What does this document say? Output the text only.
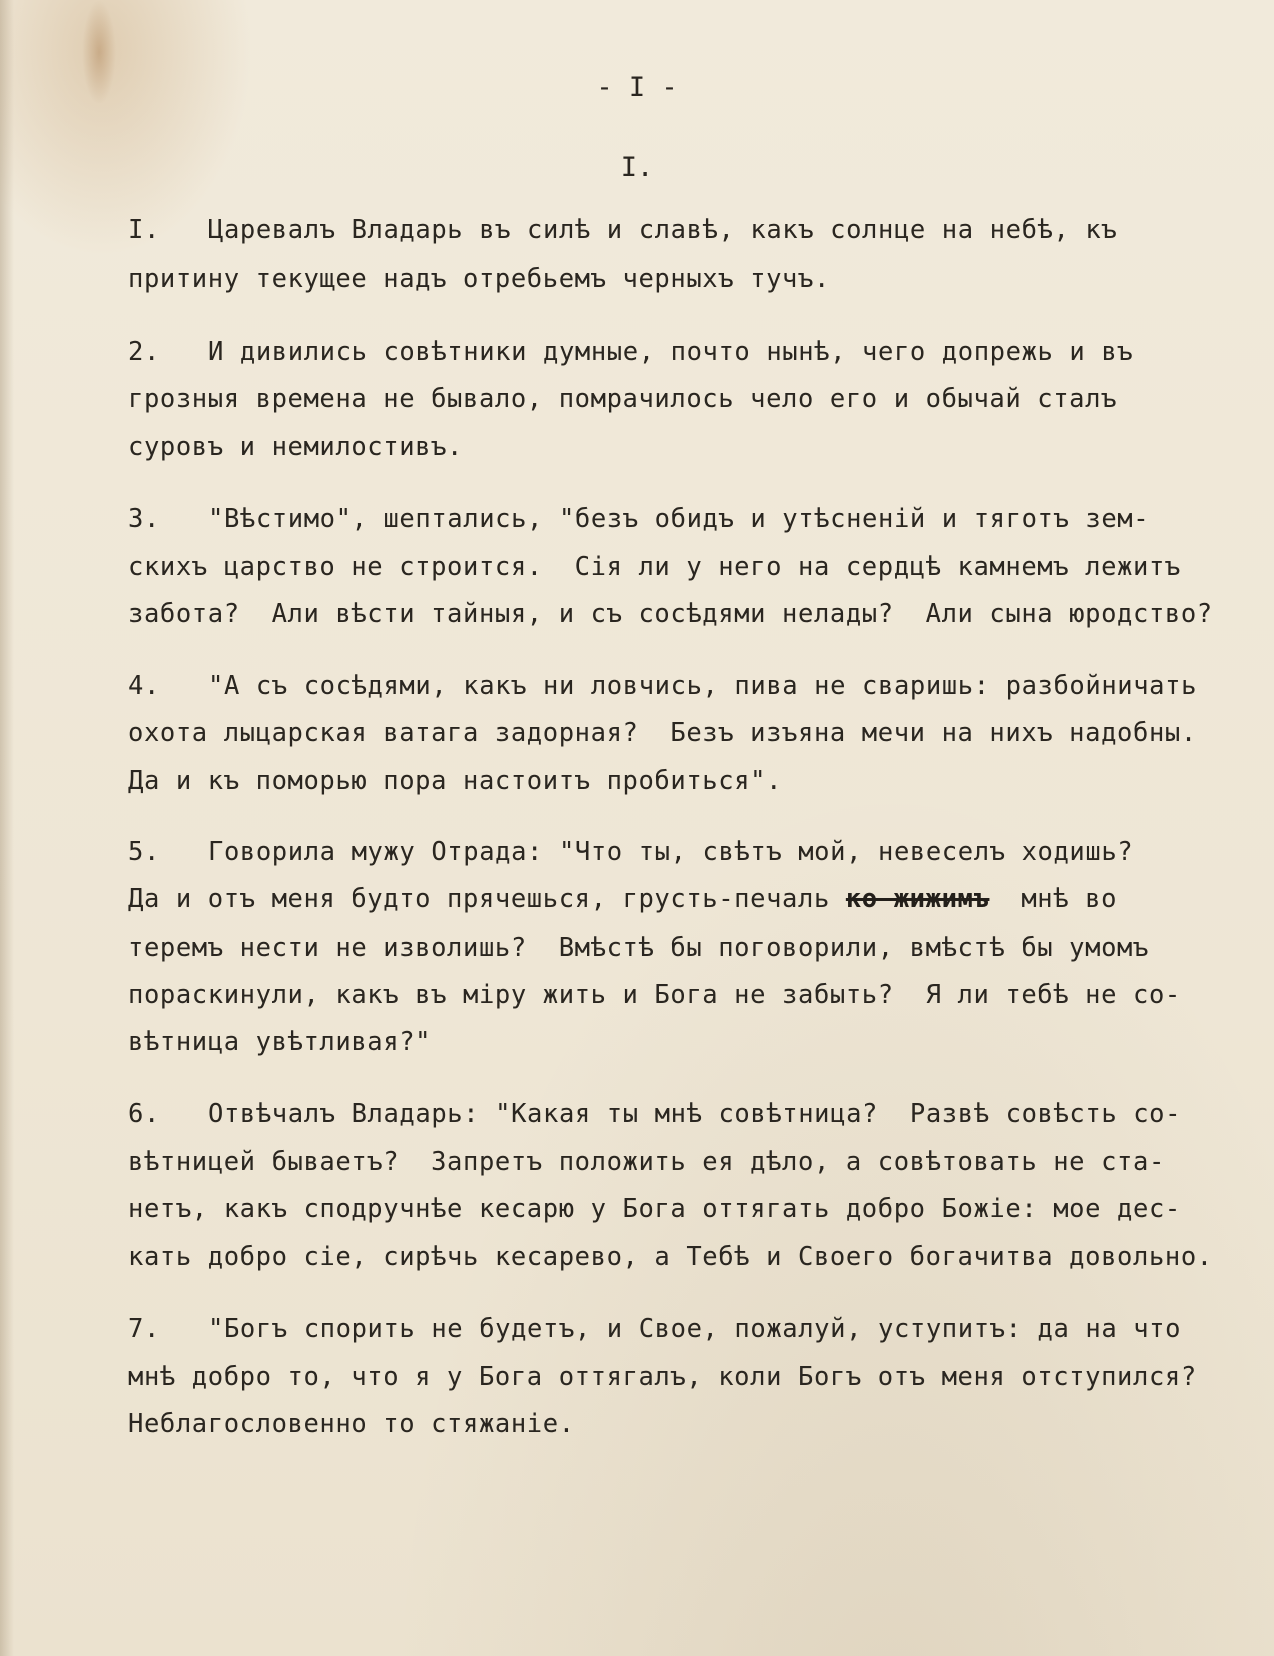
- I -
I.
I. Царевалъ Владарь въ силѣ и славѣ, какъ солнце на небѣ, къ
притину текущее надъ отребьемъ черныхъ тучъ.
2. И дивились совѣтники думные, почто нынѣ, чего допрежь и въ
грозныя времена не бывало, помрачилось чело его и обычай сталъ
суровъ и немилостивъ.
3. "Вѣстимо", шептались, "безъ обидъ и утѣсненій и тяготъ зем-
скихъ царство не строится.  Сія ли у него на сердцѣ камнемъ лежитъ
забота?  Али вѣсти тайныя, и съ сосѣдями нелады?  Али сына юродство?
4. "А съ сосѣдями, какъ ни ловчись, пива не сваришь: разбойничать
охота лыцарская ватага задорная?  Безъ изъяна мечи на нихъ надобны.
Да и къ поморью пора настоитъ пробиться".
5. Говорила мужу Отрада: "Что ты, свѣтъ мой, невеселъ ходишь?
Да и отъ меня будто прячешься, грусть-печаль ко жижимъ мнѣ во
теремъ нести не изволишь?  Вмѣстѣ бы поговорили, вмѣстѣ бы умомъ
пораскинули, какъ въ міру жить и Бога не забыть?  Я ли тебѣ не со-
вѣтница увѣтливая?"
6. Отвѣчалъ Владарь: "Какая ты мнѣ совѣтница?  Развѣ совѣсть со-
вѣтницей бываетъ?  Запретъ положить ея дѣло, а совѣтовать не ста-
нетъ, какъ сподручнѣе кесарю у Бога оттягать добро Божіе: мое дес-
кать добро сіе, сирѣчь кесарево, а Тебѣ и Своего богачитва довольно.
7. "Богъ спорить не будетъ, и Свое, пожалуй, уступитъ: да на что
мнѣ добро то, что я у Бога оттягалъ, коли Богъ отъ меня отступился?
Неблагословенно то стяжаніе.
